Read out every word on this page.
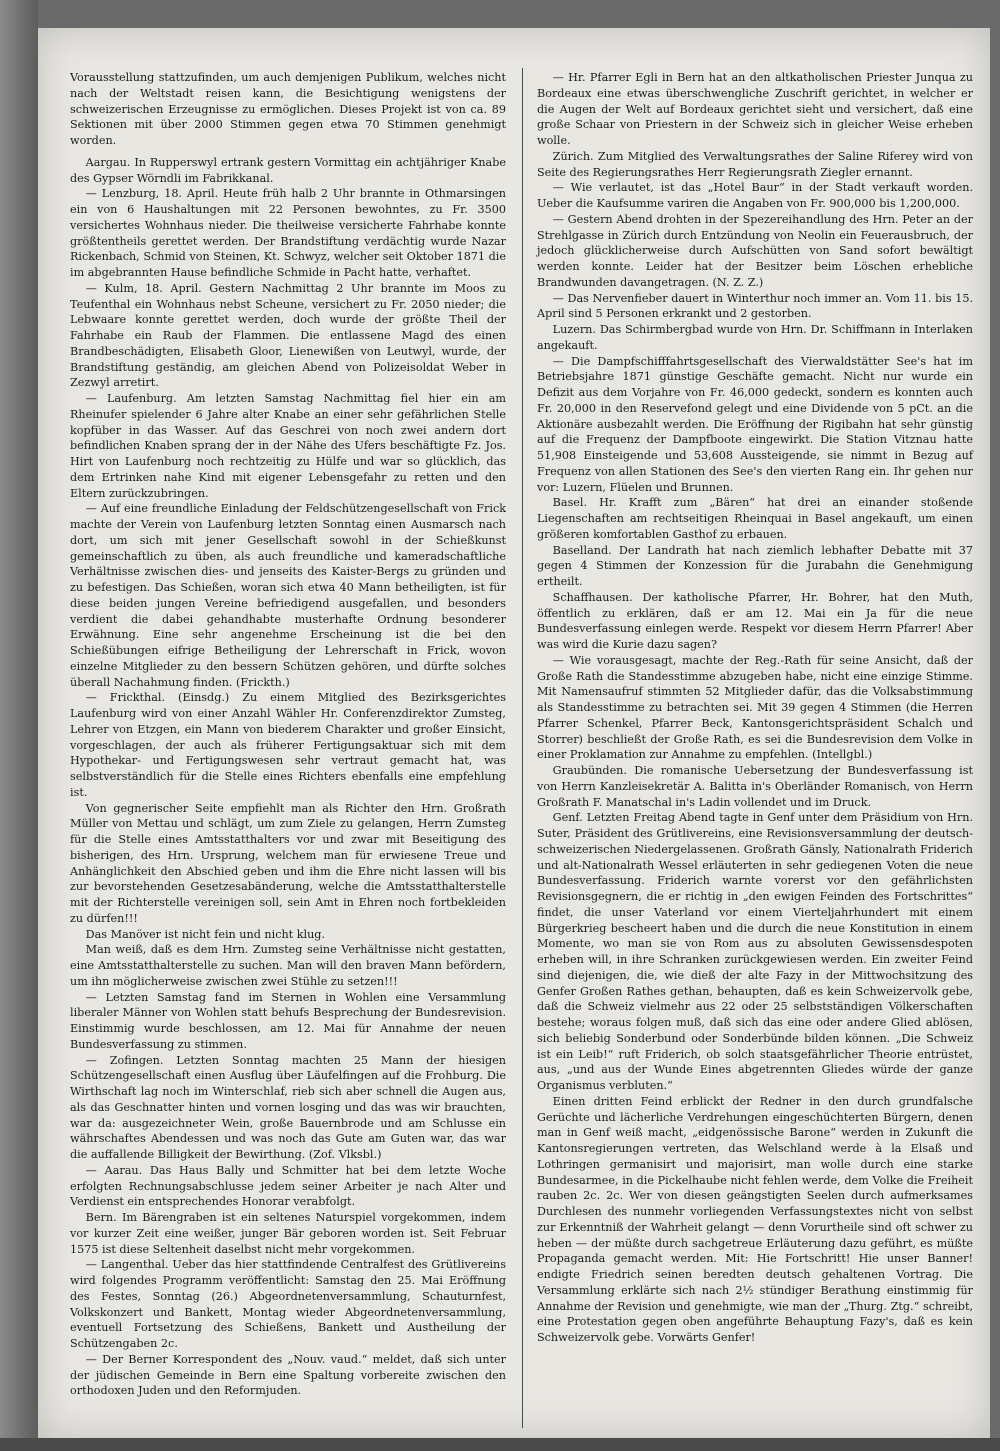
Vorausstellung stattzufinden, um auch demjenigen Publikum, welches nicht nach der Weltstadt reisen kann, die Besichtigung wenigstens der schweizerischen Erzeugnisse zu ermöglichen. Dieses Projekt ist von ca. 89 Sektionen mit über 2000 Stimmen gegen etwa 70 Stimmen genehmigt worden.

Aargau. In Rupperswyl ertrank gestern Vormittag ein achtjähriger Knabe des Gypser Wörndli im Fabrikkanal.

— Lenzburg, 18. April. Heute früh halb 2 Uhr brannte in Othmarsingen ein von 6 Haushaltungen mit 22 Personen bewohntes, zu Fr. 3500 versichertes Wohnhaus nieder. Die theilweise versicherte Fahrhabe konnte größtentheils gerettet werden. Der Brandstiftung verdächtig wurde Nazar Rickenbach, Schmid von Steinen, Kt. Schwyz, welcher seit Oktober 1871 die im abgebrannten Hause befindliche Schmide in Pacht hatte, verhaftet.

— Kulm, 18. April. Gestern Nachmittag 2 Uhr brannte im Moos zu Teufenthal ein Wohnhaus nebst Scheune, versichert zu Fr. 2050 nieder; die Lebwaare konnte gerettet werden, doch wurde der größte Theil der Fahrhabe ein Raub der Flammen. Die entlassene Magd des einen Brandbeschädigten, Elisabeth Gloor, Lienewißen von Leutwyl, wurde, der Brandstiftung geständig, am gleichen Abend von Polizeisoldat Weber in Zezwyl arretirt.

— Laufenburg. Am letzten Samstag Nachmittag fiel hier ein am Rheinufer spielender 6 Jahre alter Knabe an einer sehr gefährlichen Stelle kopfüber in das Wasser. Auf das Geschrei von noch zwei andern dort befindlichen Knaben sprang der in der Nähe des Ufers beschäftigte Fz. Jos. Hirt von Laufenburg noch rechtzeitig zu Hülfe und war so glücklich, das dem Ertrinken nahe Kind mit eigener Lebensgefahr zu retten und den Eltern zurückzubringen.

— Auf eine freundliche Einladung der Feldschützengesellschaft von Frick machte der Verein von Laufenburg letzten Sonntag einen Ausmarsch nach dort, um sich mit jener Gesellschaft sowohl in der Schießkunst gemeinschaftlich zu üben, als auch freundliche und kameradschaftliche Verhältnisse zwischen dies- und jenseits des Kaister-Bergs zu gründen und zu befestigen. Das Schießen, woran sich etwa 40 Mann betheiligten, ist für diese beiden jungen Vereine befriedigend ausgefallen, und besonders verdient die dabei gehandhabte musterhafte Ordnung besonderer Erwähnung. Eine sehr angenehme Erscheinung ist die bei den Schießübungen eifrige Betheiligung der Lehrerschaft in Frick, wovon einzelne Mitglieder zu den bessern Schützen gehören, und dürfte solches überall Nachahmung finden. (Frickth.)

— Frickthal. (Einsdg.) Zu einem Mitglied des Bezirksgerichtes Laufenburg wird von einer Anzahl Wähler Hr. Conferenzdirektor Zumsteg, Lehrer von Etzgen, ein Mann von biederem Charakter und großer Einsicht, vorgeschlagen, der auch als früherer Fertigungsaktuar sich mit dem Hypothekar- und Fertigungswesen sehr vertraut gemacht hat, was selbstverständlich für die Stelle eines Richters ebenfalls eine empfehlung ist.

Von gegnerischer Seite empfiehlt man als Richter den Hrn. Großrath Müller von Mettau und schlägt, um zum Ziele zu gelangen, Herrn Zumsteg für die Stelle eines Amtsstatthalters vor und zwar mit Beseitigung des bisherigen, des Hrn. Ursprung, welchem man für erwiesene Treue und Anhänglichkeit den Abschied geben und ihm die Ehre nicht lassen will bis zur bevorstehenden Gesetzesabänderung, welche die Amtsstatthalterstelle mit der Richterstelle vereinigen soll, sein Amt in Ehren noch fortbekleiden zu dürfen!!!

Das Manöver ist nicht fein und nicht klug.

Man weiß, daß es dem Hrn. Zumsteg seine Verhältnisse nicht gestatten, eine Amtsstatthalterstelle zu suchen. Man will den braven Mann befördern, um ihn möglicherweise zwischen zwei Stühle zu setzen!!!

— Letzten Samstag fand im Sternen in Wohlen eine Versammlung liberaler Männer von Wohlen statt behufs Besprechung der Bundesrevision. Einstimmig wurde beschlossen, am 12. Mai für Annahme der neuen Bundesverfassung zu stimmen.

— Zofingen. Letzten Sonntag machten 25 Mann der hiesigen Schützengesellschaft einen Ausflug über Läufelfingen auf die Frohburg. Die Wirthschaft lag noch im Winterschlaf, rieb sich aber schnell die Augen aus, als das Geschnatter hinten und vornen losging und das was wir brauchten, war da: ausgezeichneter Wein, große Bauernbrode und am Schlusse ein währschaftes Abendessen und was noch das Gute am Guten war, das war die auffallende Billigkeit der Bewirthung. (Zof. Vlksbl.)

— Aarau. Das Haus Bally und Schmitter hat bei dem letzte Woche erfolgten Rechnungsabschlusse jedem seiner Arbeiter je nach Alter und Verdienst ein entsprechendes Honorar verabfolgt.

Bern. Im Bärengraben ist ein seltenes Naturspiel vorgekommen, indem vor kurzer Zeit eine weißer, junger Bär geboren worden ist. Seit Februar 1575 ist diese Seltenheit daselbst nicht mehr vorgekommen.

— Langenthal. Ueber das hier stattfindende Centralfest des Grütlivereins wird folgendes Programm veröffentlicht: Samstag den 25. Mai Eröffnung des Festes, Sonntag (26.) Abgeordnetenversammlung, Schauturnfest, Volkskonzert und Bankett, Montag wieder Abgeordnetenversammlung, eventuell Fortsetzung des Schießens, Bankett und Austheilung der Schützengaben 2c.

— Der Berner Korrespondent des „Nouv. vaud.“ meldet, daß sich unter der jüdischen Gemeinde in Bern eine Spaltung vorbereite zwischen den orthodoxen Juden und den Reformjuden.

— Hr. Pfarrer Egli in Bern hat an den altkatholischen Priester Junqua zu Bordeaux eine etwas überschwengliche Zuschrift gerichtet, in welcher er die Augen der Welt auf Bordeaux gerichtet sieht und versichert, daß eine große Schaar von Priestern in der Schweiz sich in gleicher Weise erheben wolle.

Zürich. Zum Mitglied des Verwaltungsrathes der Saline Riferey wird von Seite des Regierungsrathes Herr Regierungsrath Ziegler ernannt.

— Wie verlautet, ist das „Hotel Baur“ in der Stadt verkauft worden. Ueber die Kaufsumme variren die Angaben von Fr. 900,000 bis 1,200,000.

— Gestern Abend drohten in der Spezereihandlung des Hrn. Peter an der Strehlgasse in Zürich durch Entzündung von Neolin ein Feuerausbruch, der jedoch glücklicherweise durch Aufschütten von Sand sofort bewältigt werden konnte. Leider hat der Besitzer beim Löschen erhebliche Brandwunden davangetragen. (N. Z. Z.)

— Das Nervenfieber dauert in Winterthur noch immer an. Vom 11. bis 15. April sind 5 Personen erkrankt und 2 gestorben.

Luzern. Das Schirmbergbad wurde von Hrn. Dr. Schiffmann in Interlaken angekauft.

— Die Dampfschifffahrtsgesellschaft des Vierwaldstätter See's hat im Betriebsjahre 1871 günstige Geschäfte gemacht. Nicht nur wurde ein Defizit aus dem Vorjahre von Fr. 46,000 gedeckt, sondern es konnten auch Fr. 20,000 in den Reservefond gelegt und eine Dividende von 5 pCt. an die Aktionäre ausbezahlt werden. Die Eröffnung der Rigibahn hat sehr günstig auf die Frequenz der Dampfboote eingewirkt. Die Station Vitznau hatte 51,908 Einsteigende und 53,608 Aussteigende, sie nimmt in Bezug auf Frequenz von allen Stationen des See's den vierten Rang ein. Ihr gehen nur vor: Luzern, Flüelen und Brunnen.

Basel. Hr. Krafft zum „Bären“ hat drei an einander stoßende Liegenschaften am rechtseitigen Rheinquai in Basel angekauft, um einen größeren komfortablen Gasthof zu erbauen.

Baselland. Der Landrath hat nach ziemlich lebhafter Debatte mit 37 gegen 4 Stimmen der Konzession für die Jurabahn die Genehmigung ertheilt.

Schaffhausen. Der katholische Pfarrer, Hr. Bohrer, hat den Muth, öffentlich zu erklären, daß er am 12. Mai ein Ja für die neue Bundesverfassung einlegen werde. Respekt vor diesem Herrn Pfarrer! Aber was wird die Kurie dazu sagen?

— Wie vorausgesagt, machte der Reg.-Rath für seine Ansicht, daß der Große Rath die Standesstimme abzugeben habe, nicht eine einzige Stimme. Mit Namensaufruf stimmten 52 Mitglieder dafür, das die Volksabstimmung als Standesstimme zu betrachten sei. Mit 39 gegen 4 Stimmen (die Herren Pfarrer Schenkel, Pfarrer Beck, Kantonsgerichtspräsident Schalch und Storrer) beschließt der Große Rath, es sei die Bundesrevision dem Volke in einer Proklamation zur Annahme zu empfehlen. (Intellgbl.)

Graubünden. Die romanische Uebersetzung der Bundesverfassung ist von Herrn Kanzleisekretär A. Balitta in's Oberländer Romanisch, von Herrn Großrath F. Manatschal in's Ladin vollendet und im Druck.

Genf. Letzten Freitag Abend tagte in Genf unter dem Präsidium von Hrn. Suter, Präsident des Grütlivereins, eine Revisionsversammlung der deutsch-schweizerischen Niedergelassenen. Großrath Gänsly, Nationalrath Friderich und alt-Nationalrath Wessel erläuterten in sehr gediegenen Voten die neue Bundesverfassung. Friderich warnte vorerst vor den gefährlichsten Revisionsgegnern, die er richtig in „den ewigen Feinden des Fortschrittes“ findet, die unser Vaterland vor einem Vierteljahrhundert mit einem Bürgerkrieg bescheert haben und die durch die neue Konstitution in einem Momente, wo man sie von Rom aus zu absoluten Gewissensdespoten erheben will, in ihre Schranken zurückgewiesen werden. Ein zweiter Feind sind diejenigen, die, wie dieß der alte Fazy in der Mittwochsitzung des Genfer Großen Rathes gethan, behaupten, daß es kein Schweizervolk gebe, daß die Schweiz vielmehr aus 22 oder 25 selbstständigen Völkerschaften bestehe; woraus folgen muß, daß sich das eine oder andere Glied ablösen, sich beliebig Sonderbund oder Sonderbünde bilden können. „Die Schweiz ist ein Leib!“ ruft Friderich, ob solch staatsgefährlicher Theorie entrüstet, aus, „und aus der Wunde Eines abgetrennten Gliedes würde der ganze Organismus verbluten.“

Einen dritten Feind erblickt der Redner in den durch grundfalsche Gerüchte und lächerliche Verdrehungen eingeschüchterten Bürgern, denen man in Genf weiß macht, „eidgenössische Barone“ werden in Zukunft die Kantonsregierungen vertreten, das Welschland werde à la Elsaß und Lothringen germanisirt und majorisirt, man wolle durch eine starke Bundesarmee, in die Pickelhaube nicht fehlen werde, dem Volke die Freiheit rauben 2c. 2c. Wer von diesen geängstigten Seelen durch aufmerksames Durchlesen des nunmehr vorliegenden Verfassungstextes nicht von selbst zur Erkenntniß der Wahrheit gelangt — denn Vorurtheile sind oft schwer zu heben — der müßte durch sachgetreue Erläuterung dazu geführt, es müßte Propaganda gemacht werden. Mit: Hie Fortschritt! Hie unser Banner! endigte Friedrich seinen beredten deutsch gehaltenen Vortrag. Die Versammlung erklärte sich nach 2½ stündiger Berathung einstimmig für Annahme der Revision und genehmigte, wie man der „Thurg. Ztg.“ schreibt, eine Protestation gegen oben angeführte Behauptung Fazy's, daß es kein Schweizervolk gebe. Vorwärts Genfer!
